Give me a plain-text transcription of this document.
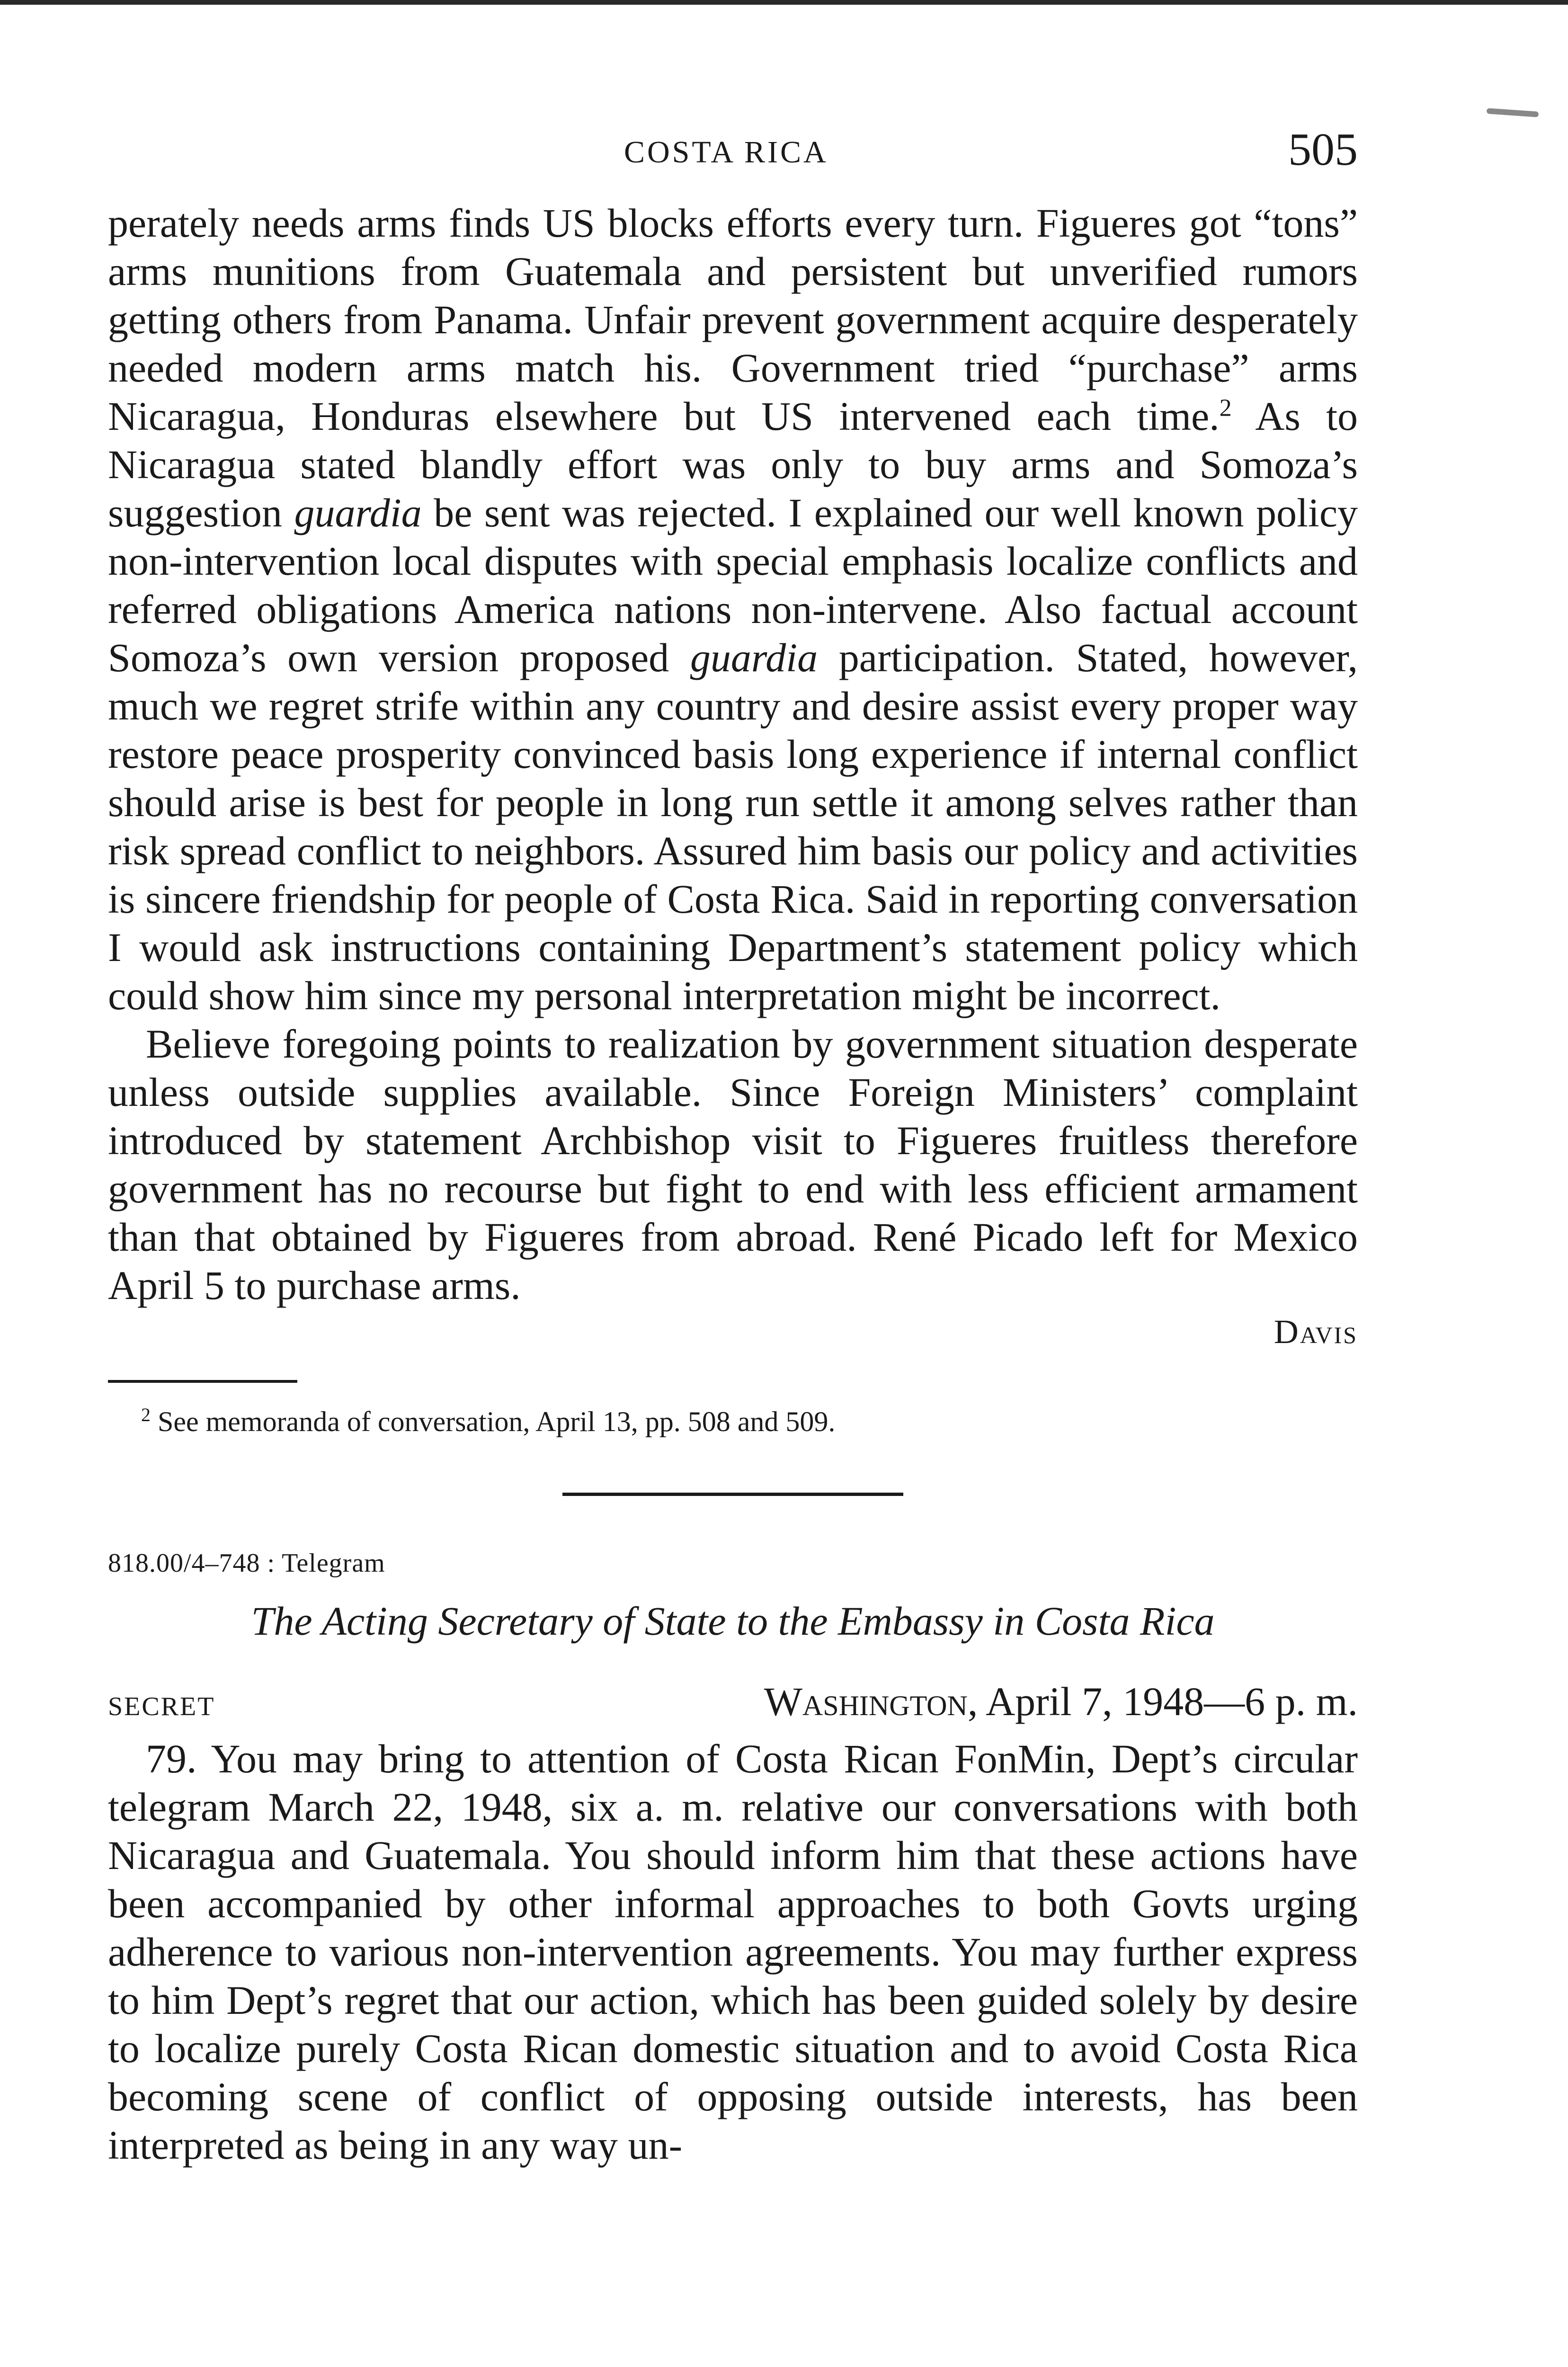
COSTA RICA	505

perately needs arms finds US blocks efforts every turn. Figueres got “tons” arms munitions from Guatemala and persistent but unverified rumors getting others from Panama. Unfair prevent government acquire desperately needed modern arms match his. Government tried “purchase” arms Nicaragua, Honduras elsewhere but US intervened each time.$^2$ As to Nicaragua stated blandly effort was only to buy arms and Somoza’s suggestion guardia be sent was rejected. I explained our well known policy non-intervention local disputes with special emphasis localize conflicts and referred obligations America nations non-intervene. Also factual account Somoza’s own version proposed guardia participation. Stated, however, much we regret strife within any country and desire assist every proper way restore peace prosperity convinced basis long experience if internal conflict should arise is best for people in long run settle it among selves rather than risk spread conflict to neighbors. Assured him basis our policy and activities is sincere friendship for people of Costa Rica. Said in reporting conversation I would ask instructions containing Department’s statement policy which could show him since my personal interpretation might be incorrect.

Believe foregoing points to realization by government situation desperate unless outside supplies available. Since Foreign Ministers’ complaint introduced by statement Archbishop visit to Figueres fruitless therefore government has no recourse but fight to end with less efficient armament than that obtained by Figueres from abroad. René Picado left for Mexico April 5 to purchase arms.

Davis
$^2$ See memoranda of conversation, April 13, pp. 508 and 509.
818.00/4–748 : Telegram
The Acting Secretary of State to the Embassy in Costa Rica
SECRET	Washington, April 7, 1948—6 p. m.

79. You may bring to attention of Costa Rican FonMin, Dept’s circular telegram March 22, 1948, six a. m. relative our conversations with both Nicaragua and Guatemala. You should inform him that these actions have been accompanied by other informal approaches to both Govts urging adherence to various non-intervention agreements. You may further express to him Dept’s regret that our action, which has been guided solely by desire to localize purely Costa Rican domestic situation and to avoid Costa Rica becoming scene of conflict of opposing outside interests, has been interpreted as being in any way un-
